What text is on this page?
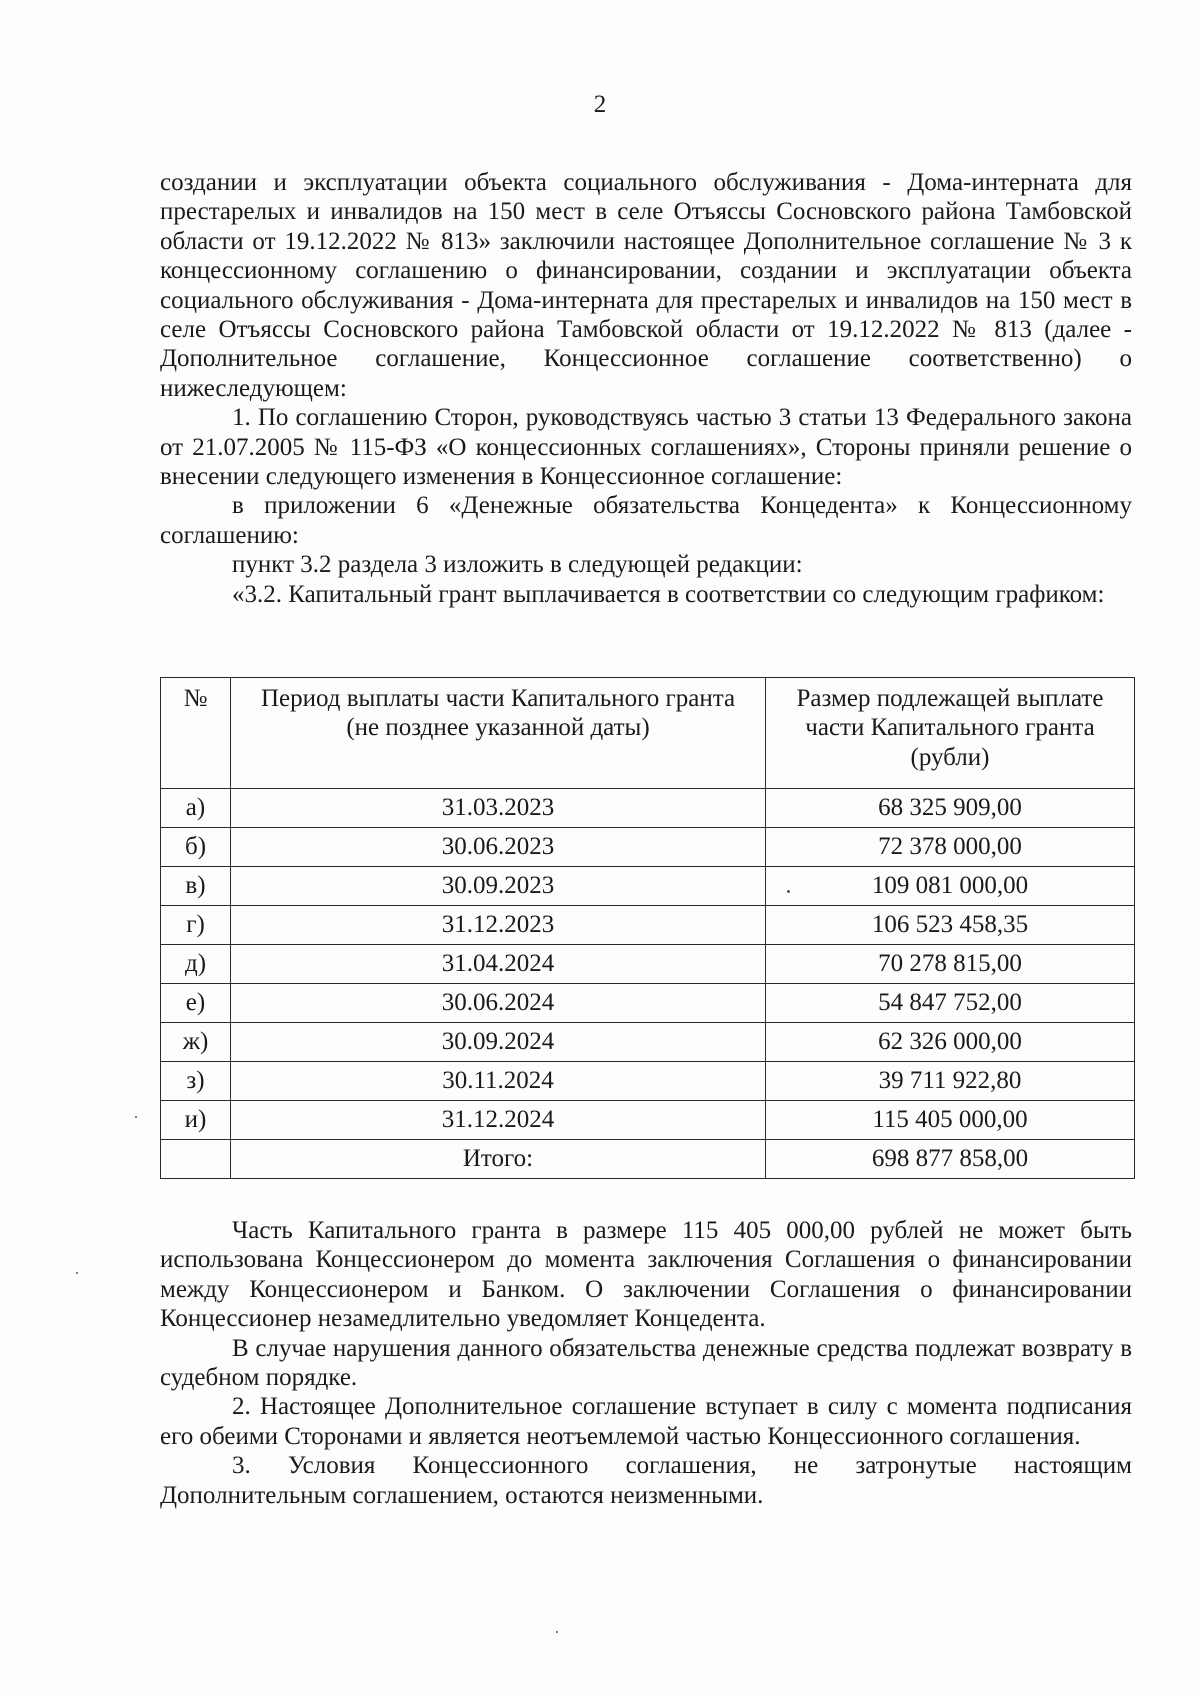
2

создании и эксплуатации объекта социального обслуживания - Дома-интерната для престарелых и инвалидов на 150 мест в селе Отъяссы Сосновского района Тамбовской области от 19.12.2022 № 813» заключили настоящее Дополнительное соглашение № 3 к концессионному соглашению о финансировании, создании и эксплуатации объекта социального обслуживания - Дома-интерната для престарелых и инвалидов на 150 мест в селе Отъяссы Сосновского района Тамбовской области от 19.12.2022 № 813 (далее - Дополнительное соглашение, Концессионное соглашение соответственно) о нижеследующем:

1. По соглашению Сторон, руководствуясь частью 3 статьи 13 Федерального закона от 21.07.2005 № 115-ФЗ «О концессионных соглашениях», Стороны приняли решение о внесении следующего изменения в Концессионное соглашение:

в приложении 6 «Денежные обязательства Концедента» к Концессионному соглашению:

пункт 3.2 раздела 3 изложить в следующей редакции:

«3.2. Капитальный грант выплачивается в соответствии со следующим графиком:

№	Период выплаты части Капитального гранта (не позднее указанной даты)	Размер подлежащей выплате части Капитального гранта (рубли)
а)	31.03.2023	68 325 909,00
б)	30.06.2023	72 378 000,00
в)	30.09.2023	109 081 000,00
г)	31.12.2023	106 523 458,35
д)	31.04.2024	70 278 815,00
е)	30.06.2024	54 847 752,00
ж)	30.09.2024	62 326 000,00
з)	30.11.2024	39 711 922,80
и)	31.12.2024	115 405 000,00
	Итого:	698 877 858,00

Часть Капитального гранта в размере 115 405 000,00 рублей не может быть использована Концессионером до момента заключения Соглашения о финансировании между Концессионером и Банком. О заключении Соглашения о финансировании Концессионер незамедлительно уведомляет Концедента.

В случае нарушения данного обязательства денежные средства подлежат возврату в судебном порядке.

2. Настоящее Дополнительное соглашение вступает в силу с момента подписания его обеими Сторонами и является неотъемлемой частью Концессионного соглашения.

3. Условия Концессионного соглашения, не затронутые настоящим Дополнительным соглашением, остаются неизменными.
